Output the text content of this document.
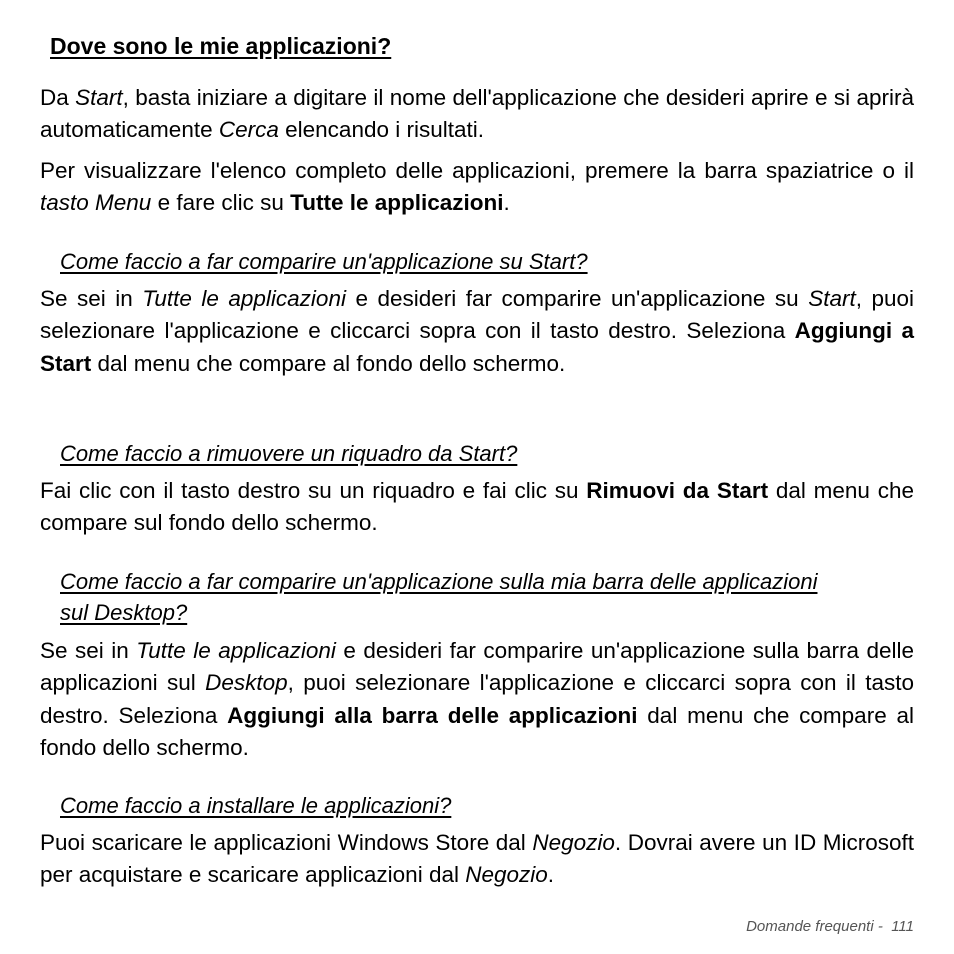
Dove sono le mie applicazioni?

Da Start, basta iniziare a digitare il nome dell'applicazione che desideri aprire e si aprirà automaticamente Cerca elencando i risultati.

Per visualizzare l'elenco completo delle applicazioni, premere la barra spaziatrice o il tasto Menu e fare clic su Tutte le applicazioni.

Come faccio a far comparire un'applicazione su Start?

Se sei in Tutte le applicazioni e desideri far comparire un'applicazione su Start, puoi selezionare l'applicazione e cliccarci sopra con il tasto destro. Seleziona Aggiungi a Start dal menu che compare al fondo dello schermo.

Come faccio a rimuovere un riquadro da Start?

Fai clic con il tasto destro su un riquadro e fai clic su Rimuovi da Start dal menu che compare sul fondo dello schermo.

Come faccio a far comparire un'applicazione sulla mia barra delle applicazioni sul Desktop?

Se sei in Tutte le applicazioni e desideri far comparire un'applicazione sulla barra delle applicazioni sul Desktop, puoi selezionare l'applicazione e cliccarci sopra con il tasto destro. Seleziona Aggiungi alla barra delle applicazioni dal menu che compare al fondo dello schermo.

Come faccio a installare le applicazioni?

Puoi scaricare le applicazioni Windows Store dal Negozio. Dovrai avere un ID Microsoft per acquistare e scaricare applicazioni dal Negozio.

Domande frequenti - 111
